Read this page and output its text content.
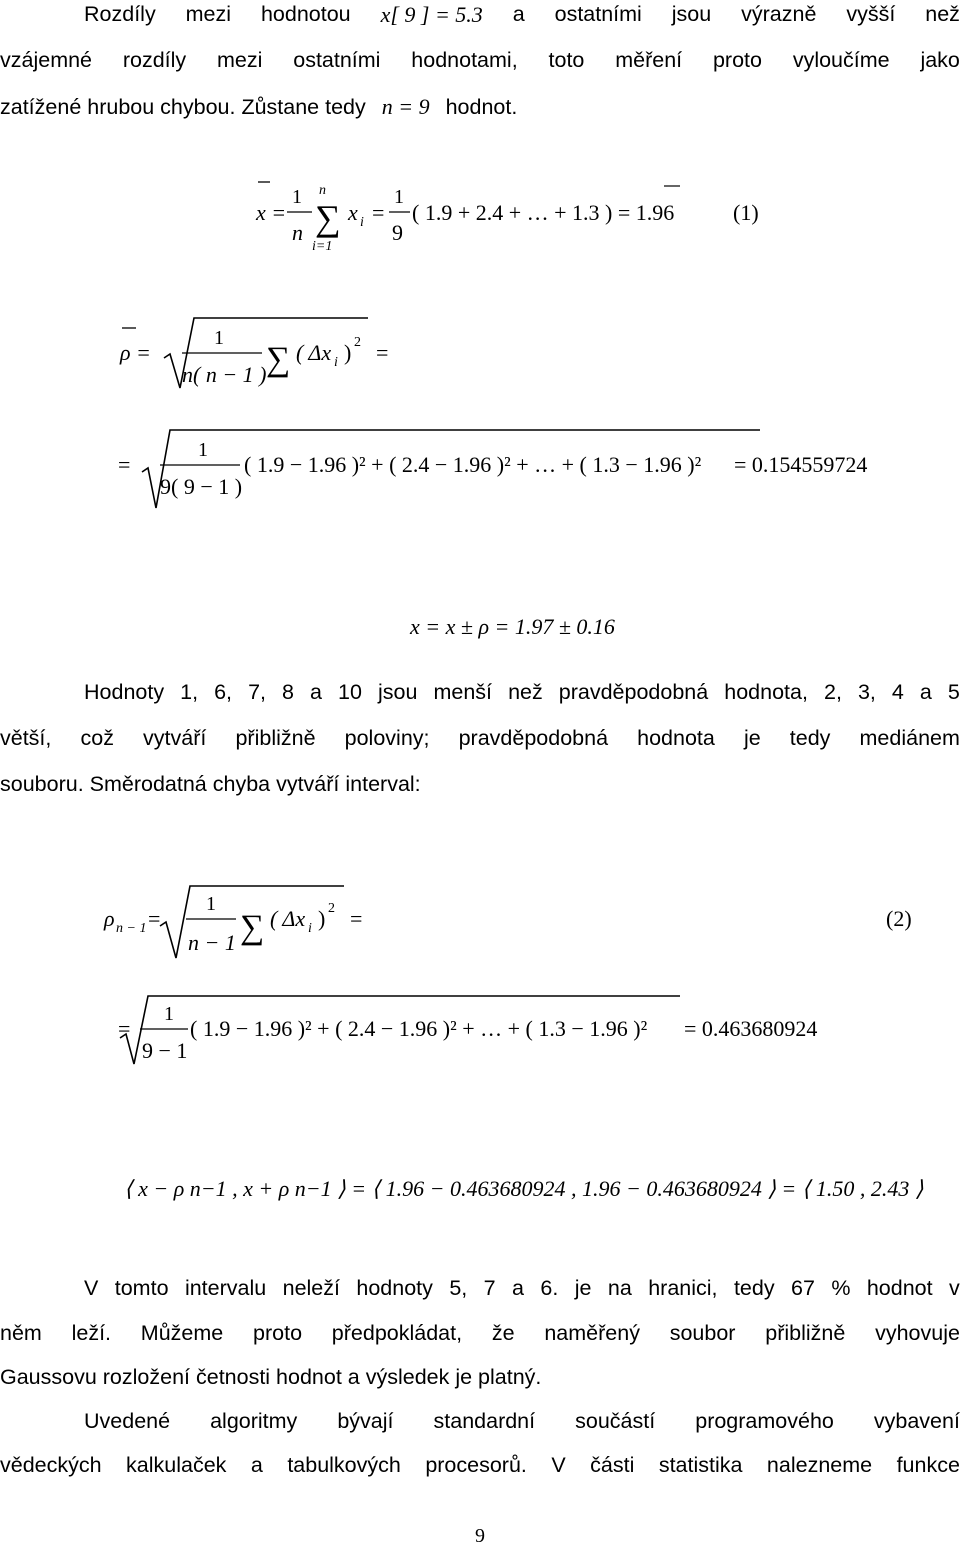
Rozdíly mezi hodnotou x[ 9 ] = 5.3 a ostatními jsou výrazně vyšší než
vzájemné rozdíly mezi ostatními hodnotami, toto měření proto vyloučíme jako
zatížené hrubou chybou. Zůstane tedy n = 9 hodnot.
x =
1
n
n
∑
i=1
x i =
1
9
( 1.9 + 2.4 + … + 1.3 ) = 1.96	(1)
ρ =
1
n( n − 1 ) ∑ ( Δx i ) 2 =
=
1
9( 9 − 1 )
( 1.9 − 1.96 )² + ( 2.4 − 1.96 )² + … + ( 1.3 − 1.96 )² = 0.154559724
x = x ± ρ = 1.97 ± 0.16
Hodnoty 1, 6, 7, 8 a 10 jsou menší než pravděpodobná hodnota, 2, 3, 4 a 5
větší, což vytváří přibližně poloviny; pravděpodobná hodnota je tedy mediánem
souboru. Směrodatná chyba vytváří interval:
ρ n − 1 =
1
n − 1 ∑ ( Δx i ) 2 =	(2)
=
1
9 − 1
( 1.9 − 1.96 )² + ( 2.4 − 1.96 )² + … + ( 1.3 − 1.96 )² = 0.463680924
⟨ x − ρ n−1 , x + ρ n−1 ⟩ = ⟨ 1.96 − 0.463680924 , 1.96 − 0.463680924 ⟩ = ⟨ 1.50 , 2.43 ⟩
V tomto intervalu neleží hodnoty 5, 7 a 6. je na hranici, tedy 67 % hodnot v
něm leží. Můžeme proto předpokládat, že naměřený soubor přibližně vyhovuje
Gaussovu rozložení četnosti hodnot a výsledek je platný.
Uvedené algoritmy bývají standardní součástí programového vybavení
vědeckých kalkulaček a tabulkových procesorů. V části statistika nalezneme funkce
9
